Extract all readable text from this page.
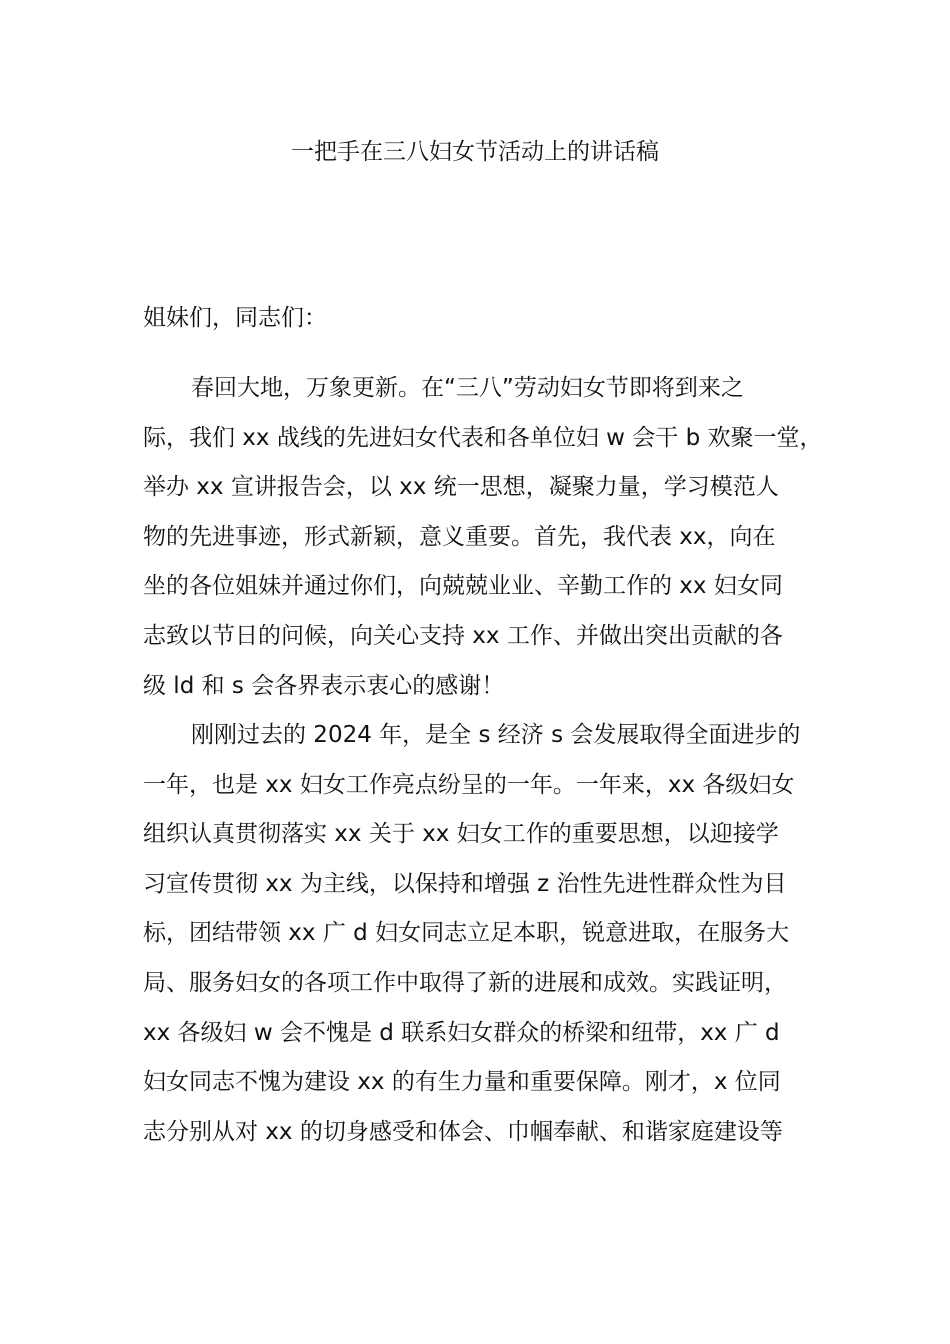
一把手在三八妇女节活动上的讲话稿

姐妹们，同志们：

春回大地，万象更新。在“三八”劳动妇女节即将到来之
际，我们 xx 战线的先进妇女代表和各单位妇 w 会干 b 欢聚一堂，
举办 xx 宣讲报告会，以 xx 统一思想，凝聚力量，学习模范人
物的先进事迹，形式新颖，意义重要。首先，我代表 xx，向在
坐的各位姐妹并通过你们，向兢兢业业、辛勤工作的 xx 妇女同
志致以节日的问候，向关心支持 xx 工作、并做出突出贡献的各
级 ld 和 s 会各界表示衷心的感谢！
刚刚过去的 2024 年，是全 s 经济 s 会发展取得全面进步的
一年，也是 xx 妇女工作亮点纷呈的一年。一年来，xx 各级妇女
组织认真贯彻落实 xx 关于 xx 妇女工作的重要思想，以迎接学
习宣传贯彻 xx 为主线，以保持和增强 z 治性先进性群众性为目
标，团结带领 xx 广 d 妇女同志立足本职，锐意进取，在服务大
局、服务妇女的各项工作中取得了新的进展和成效。实践证明，
xx 各级妇 w 会不愧是 d 联系妇女群众的桥梁和纽带，xx 广 d
妇女同志不愧为建设 xx 的有生力量和重要保障。刚才，x 位同
志分别从对 xx 的切身感受和体会、巾帼奉献、和谐家庭建设等
